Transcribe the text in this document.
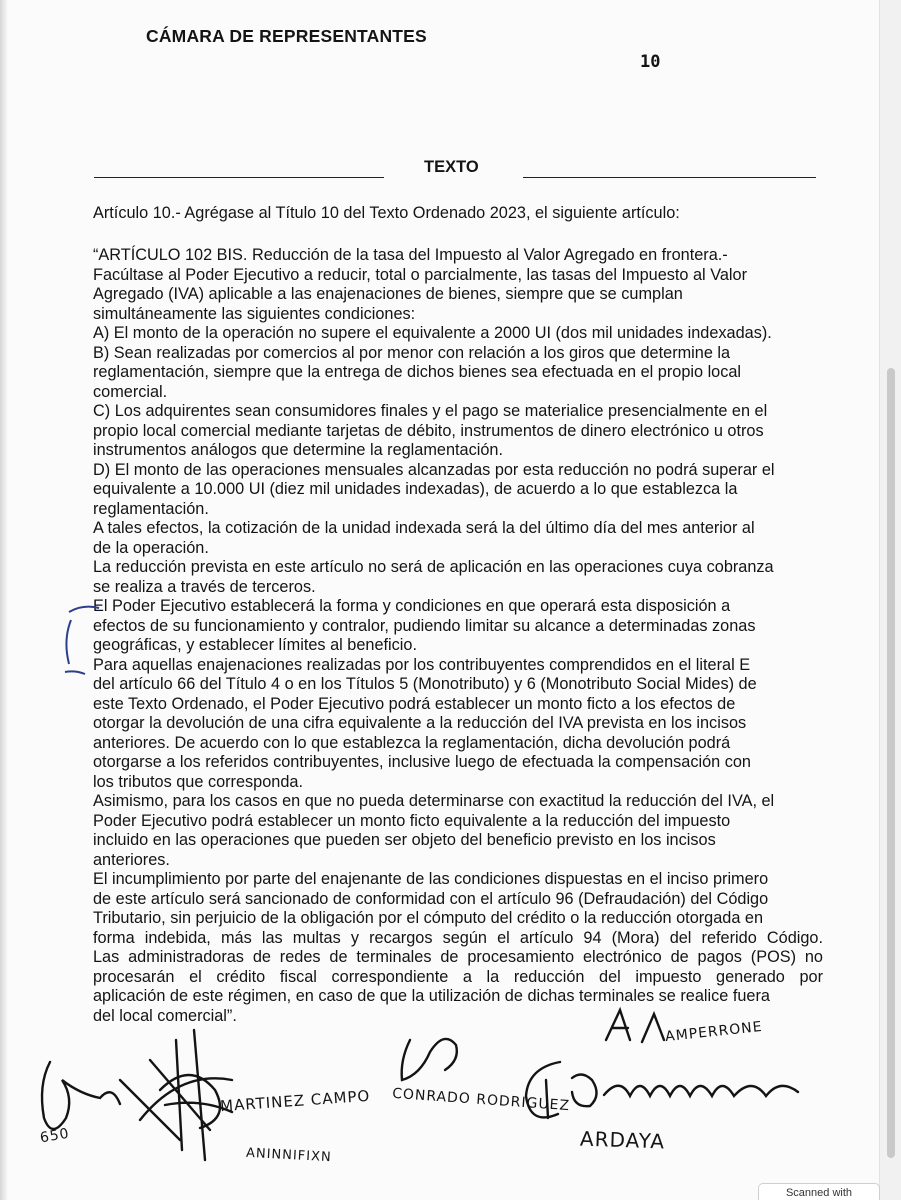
CÁMARA DE REPRESENTANTES
10
TEXTO
Artículo 10.- Agrégase al Título 10 del Texto Ordenado 2023, el siguiente artículo:
“ARTÍCULO 102 BIS. Reducción de la tasa del Impuesto al Valor Agregado en frontera.-
Facúltase al Poder Ejecutivo a reducir, total o parcialmente, las tasas del Impuesto al Valor
Agregado (IVA) aplicable a las enajenaciones de bienes, siempre que se cumplan
simultáneamente las siguientes condiciones:
A) El monto de la operación no supere el equivalente a 2000 UI (dos mil unidades indexadas).
B) Sean realizadas por comercios al por menor con relación a los giros que determine la
reglamentación, siempre que la entrega de dichos bienes sea efectuada en el propio local
comercial.
C) Los adquirentes sean consumidores finales y el pago se materialice presencialmente en el
propio local comercial mediante tarjetas de débito, instrumentos de dinero electrónico u otros
instrumentos análogos que determine la reglamentación.
D) El monto de las operaciones mensuales alcanzadas por esta reducción no podrá superar el
equivalente a 10.000 UI (diez mil unidades indexadas), de acuerdo a lo que establezca la
reglamentación.
A tales efectos, la cotización de la unidad indexada será la del último día del mes anterior al
de la operación.
La reducción prevista en este artículo no será de aplicación en las operaciones cuya cobranza
se realiza a través de terceros.
El Poder Ejecutivo establecerá la forma y condiciones en que operará esta disposición a
efectos de su funcionamiento y contralor, pudiendo limitar su alcance a determinadas zonas
geográficas, y establecer límites al beneficio.
Para aquellas enajenaciones realizadas por los contribuyentes comprendidos en el literal E
del artículo 66 del Título 4 o en los Títulos 5 (Monotributo) y 6 (Monotributo Social Mides) de
este Texto Ordenado, el Poder Ejecutivo podrá establecer un monto ficto a los efectos de
otorgar la devolución de una cifra equivalente a la reducción del IVA prevista en los incisos
anteriores. De acuerdo con lo que establezca la reglamentación, dicha devolución podrá
otorgarse a los referidos contribuyentes, inclusive luego de efectuada la compensación con
los tributos que corresponda.
Asimismo, para los casos en que no pueda determinarse con exactitud la reducción del IVA, el
Poder Ejecutivo podrá establecer un monto ficto equivalente a la reducción del impuesto
incluido en las operaciones que pueden ser objeto del beneficio previsto en los incisos
anteriores.
El incumplimiento por parte del enajenante de las condiciones dispuestas en el inciso primero
de este artículo será sancionado de conformidad con el artículo 96 (Defraudación) del Código
Tributario, sin perjuicio de la obligación por el cómputo del crédito o la reducción otorgada en
forma indebida, más las multas y recargos según el artículo 94 (Mora) del referido Código.
Las administradoras de redes de terminales de procesamiento electrónico de pagos (POS) no
procesarán el crédito fiscal correspondiente a la reducción del impuesto generado por
aplicación de este régimen, en caso de que la utilización de dichas terminales se realice fuera
del local comercial”.
MARTINEZ CAMPO CONRADO RODRIGUEZ
AMPERRONE
ARDAYA
ANINNIFIXN
650
Scanned with
